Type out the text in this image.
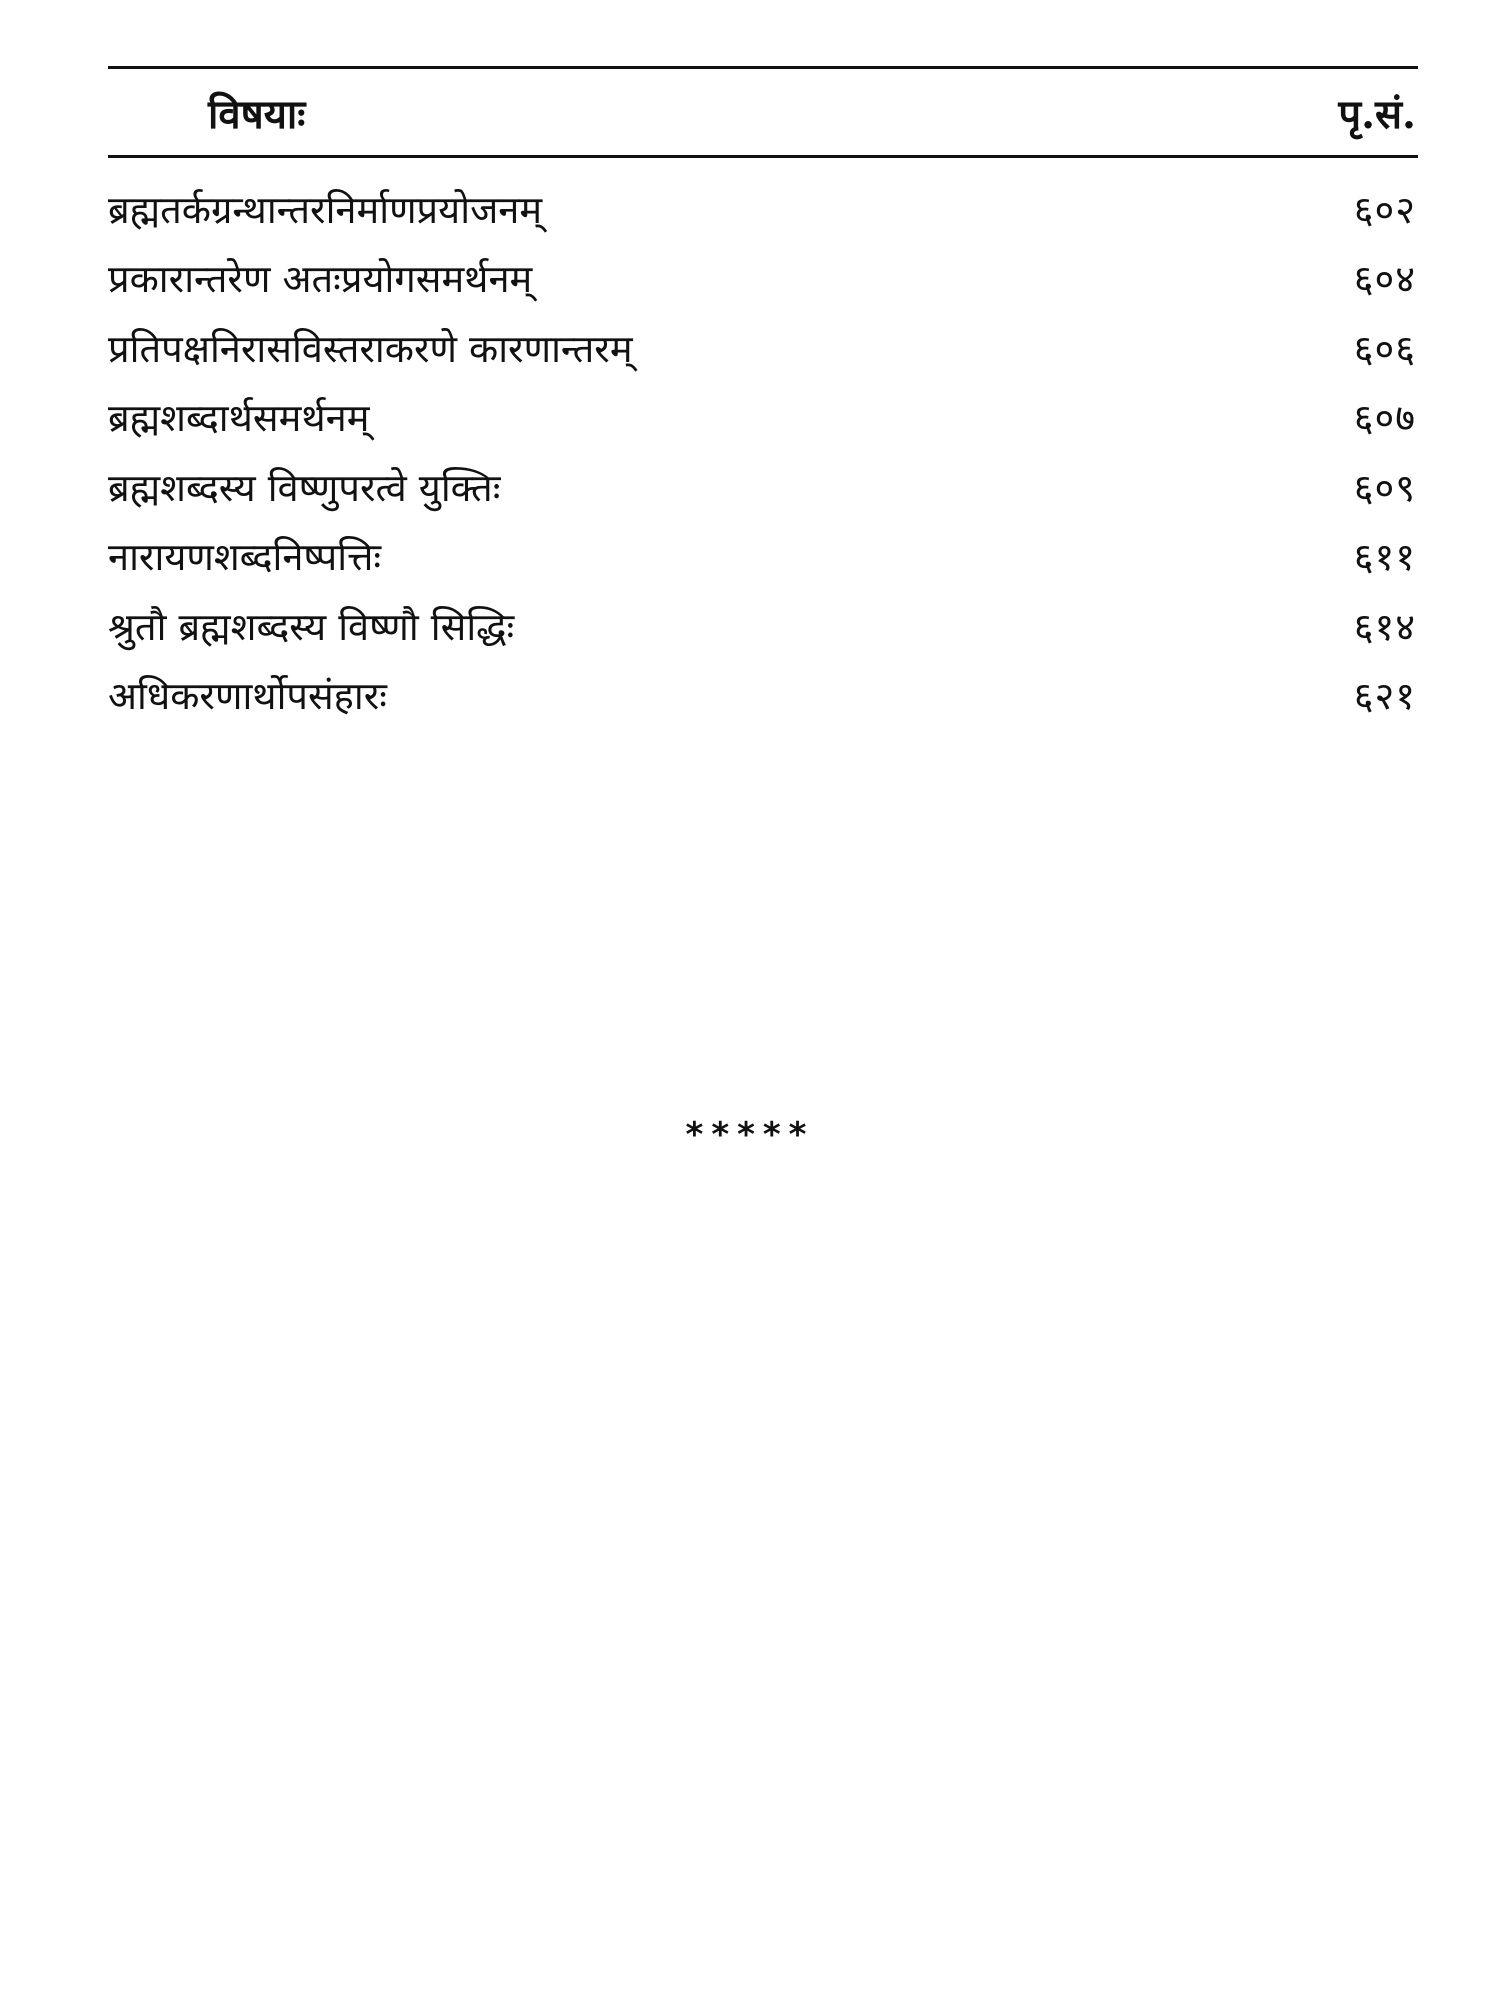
विषयाः	पृ.सं.
ब्रह्मतर्कग्रन्थान्तरनिर्माणप्रयोजनम्	६०२
प्रकारान्तरेण अतःप्रयोगसमर्थनम्	६०४
प्रतिपक्षनिरासविस्तराकरणे कारणान्तरम्	६०६
ब्रह्मशब्दार्थसमर्थनम्	६०७
ब्रह्मशब्दस्य विष्णुपरत्वे युक्तिः	६०९
नारायणशब्दनिष्पत्तिः	६११
श्रुतौ ब्रह्मशब्दस्य विष्णौ सिद्धिः	६१४
अधिकरणार्थोपसंहारः	६२१
*****
